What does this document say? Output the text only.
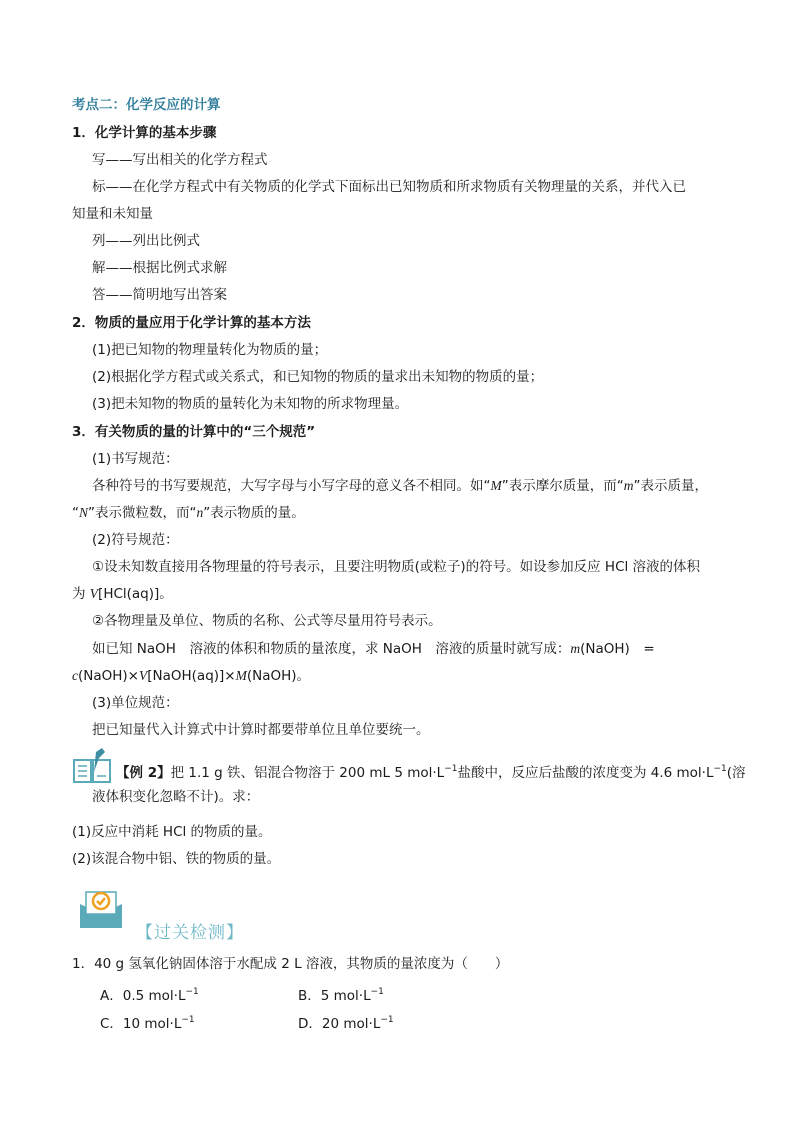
考点二：化学反应的计算
1．化学计算的基本步骤
写——写出相关的化学方程式
标——在化学方程式中有关物质的化学式下面标出已知物质和所求物质有关物理量的关系，并代入已
知量和未知量
列——列出比例式
解——根据比例式求解
答——简明地写出答案
2．物质的量应用于化学计算的基本方法
(1)把已知物的物理量转化为物质的量；
(2)根据化学方程式或关系式，和已知物的物质的量求出未知物的物质的量；
(3)把未知物的物质的量转化为未知物的所求物理量。
3．有关物质的量的计算中的“三个规范”
(1)书写规范：
各种符号的书写要规范，大写字母与小写字母的意义各不相同。如“M”表示摩尔质量，而“m”表示质量，
“N”表示微粒数，而“n”表示物质的量。
(2)符号规范：
①设未知数直接用各物理量的符号表示，且要注明物质(或粒子)的符号。如设参加反应 HCl 溶液的体积
为 V[HCl(aq)]。
②各物理量及单位、物质的名称、公式等尽量用符号表示。
如已知 NaOH　溶液的体积和物质的量浓度，求 NaOH　溶液的质量时就写成：m(NaOH)　=
c(NaOH)×V[NaOH(aq)]×M(NaOH)。
(3)单位规范：
把已知量代入计算式中计算时都要带单位且单位要统一。
【例 2】把 1.1 g 铁、铝混合物溶于 200 mL 5 $mol\cdot L^{-1}$盐酸中，反应后盐酸的浓度变为 4.6 $mol\cdot L^{-1}$(溶
液体积变化忽略不计)。求：
(1)反应中消耗 HCl 的物质的量。
(2)该混合物中铝、铁的物质的量。
【过关检测】
1．40 g 氢氧化钠固体溶于水配成 2 L 溶液，其物质的量浓度为（　　）
A．0.5 $mol\cdot L^{-1}$	B．5 $mol\cdot L^{-1}$
C．10 $mol\cdot L^{-1}$	D．20 $mol\cdot L^{-1}$
